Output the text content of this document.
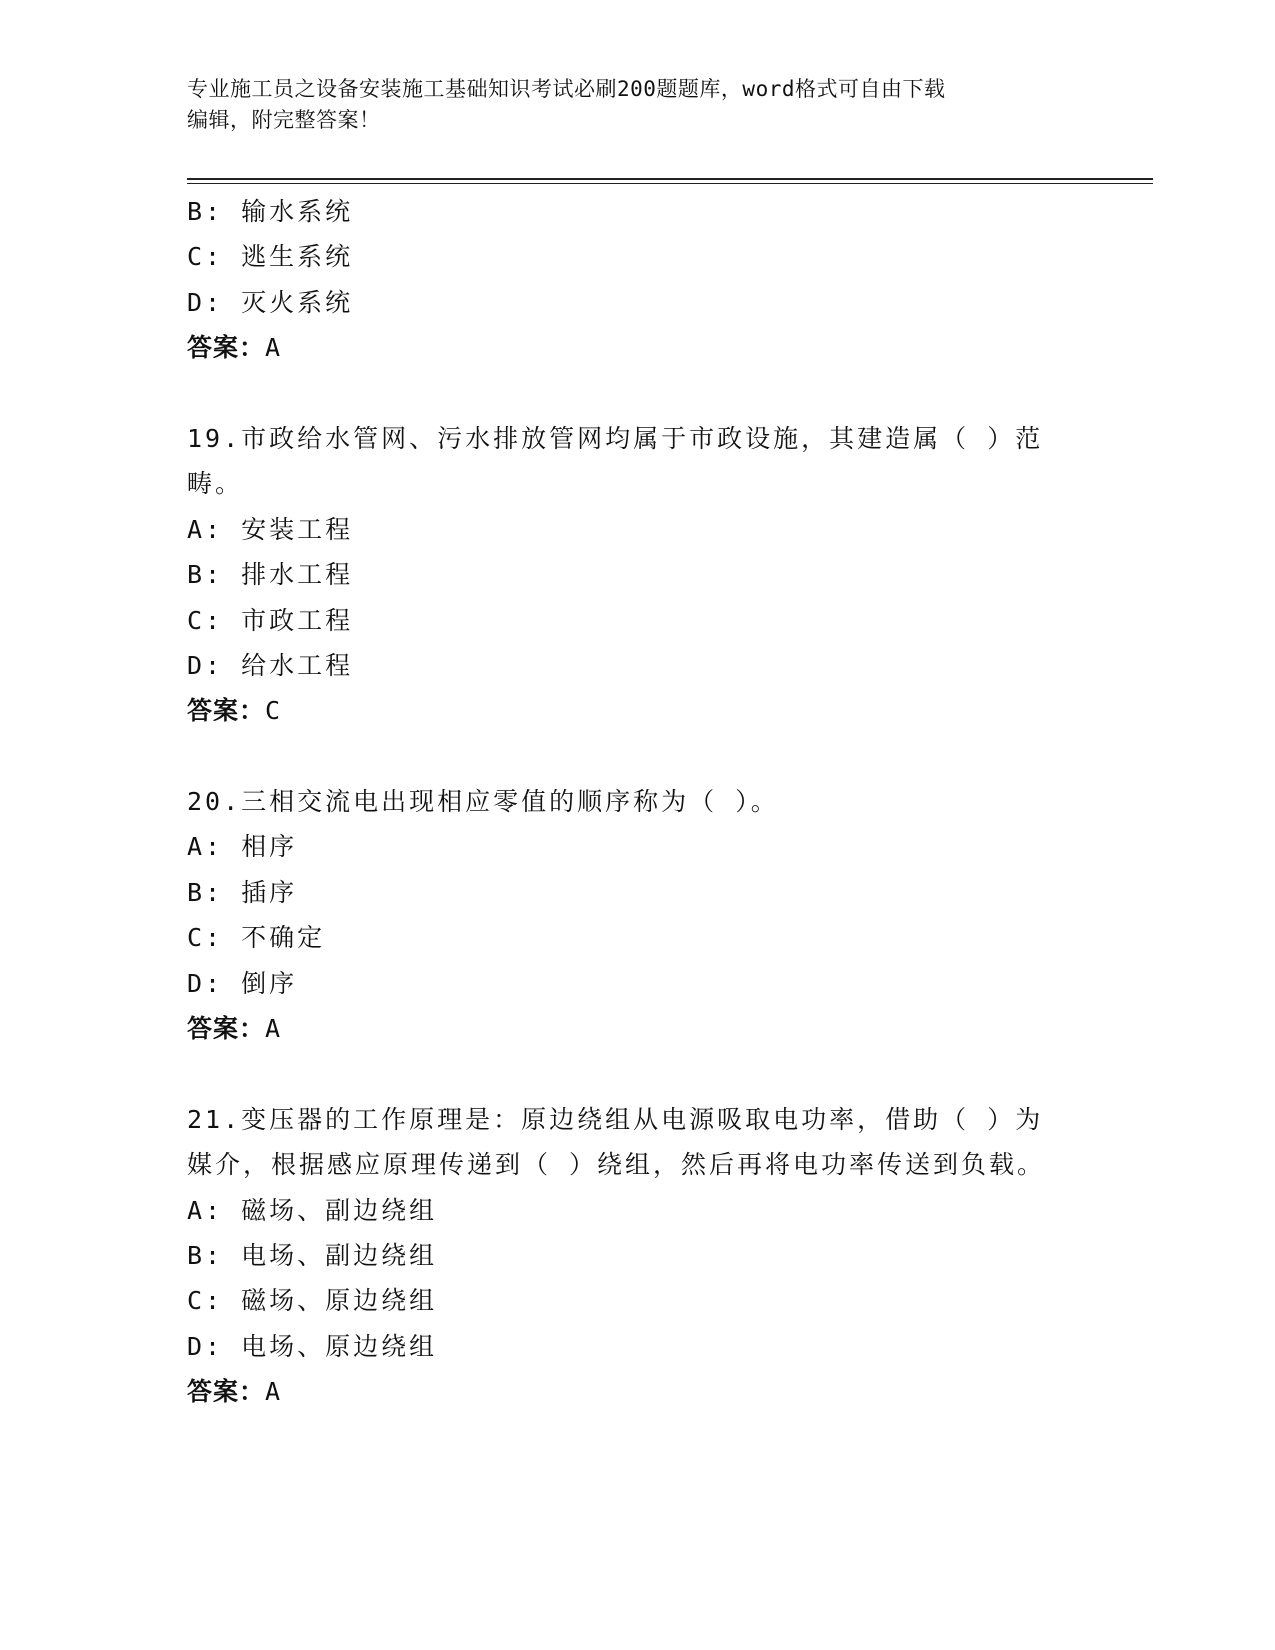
专业施工员之设备安装施工基础知识考试必刷200题题库，word格式可自由下载
编辑，附完整答案！
B: 输水系统
C: 逃生系统
D: 灭火系统
答案：A
19.市政给水管网、污水排放管网均属于市政设施，其建造属（ ）范
畴。
A: 安装工程
B: 排水工程
C: 市政工程
D: 给水工程
答案：C
20.三相交流电出现相应零值的顺序称为（ ）。
A: 相序
B: 插序
C: 不确定
D: 倒序
答案：A
21.变压器的工作原理是：原边绕组从电源吸取电功率，借助（ ）为
媒介，根据感应原理传递到（ ）绕组，然后再将电功率传送到负载。
A: 磁场、副边绕组
B: 电场、副边绕组
C: 磁场、原边绕组
D: 电场、原边绕组
答案：A
